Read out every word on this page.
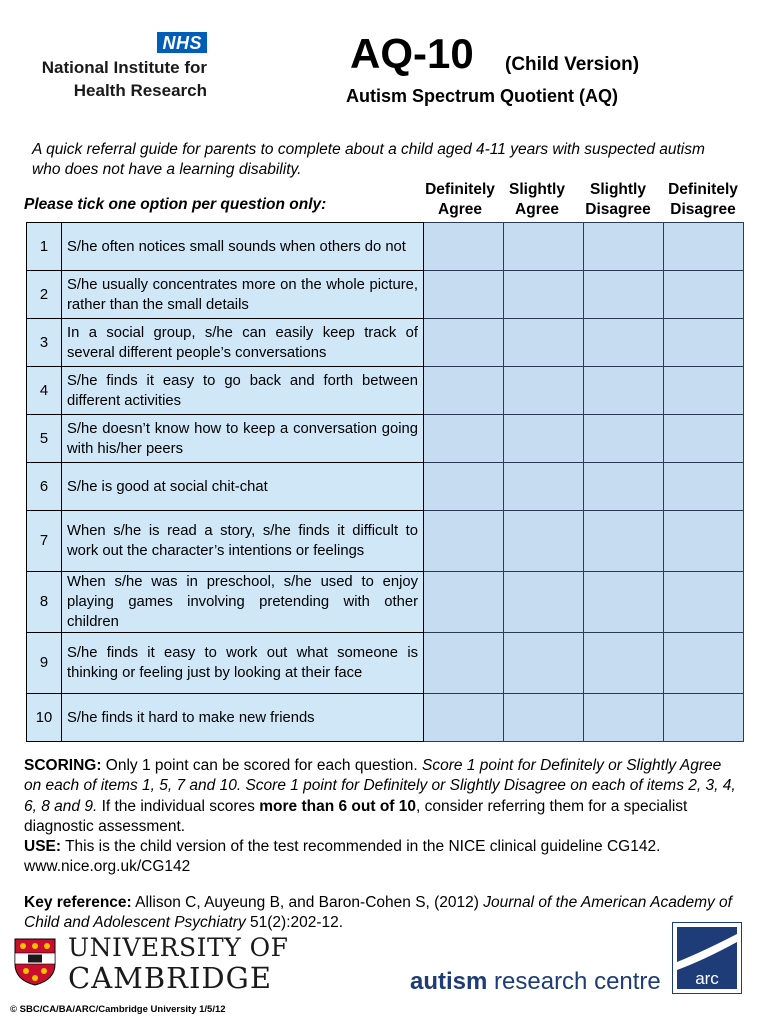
NHS
National Institute for
Health Research
AQ-10 (Child Version)
Autism Spectrum Quotient (AQ)
A quick referral guide for parents to complete about a child aged 4-11 years with suspected autism who does not have a learning disability.
Please tick one option per question only:
Definitely
Agree
Slightly
Agree
Slightly
Disagree
Definitely
Disagree
1	S/he often notices small sounds when others do not				
2	S/he usually concentrates more on the whole picture, rather than the small details				
3	In a social group, s/he can easily keep track of several different people’s conversations				
4	S/he finds it easy to go back and forth between different activities				
5	S/he doesn’t know how to keep a conversation going with his/her peers				
6	S/he is good at social chit-chat				
7	When s/he is read a story, s/he finds it difficult to work out the character’s intentions or feelings				
8	When s/he was in preschool, s/he used to enjoy playing games involving pretending with other children				
9	S/he finds it easy to work out what someone is thinking or feeling just by looking at their face				
10	S/he finds it hard to make new friends				
SCORING: Only 1 point can be scored for each question. Score 1 point for Definitely or Slightly Agree on each of items 1, 5, 7 and 10. Score 1 point for Definitely or Slightly Disagree on each of items 2, 3, 4, 6, 8 and 9. If the individual scores more than 6 out of 10, consider referring them for a specialist diagnostic assessment.
USE: This is the child version of the test recommended in the NICE clinical guideline CG142. www.nice.org.uk/CG142
Key reference: Allison C, Auyeung B, and Baron-Cohen S, (2012) Journal of the American Academy of Child and Adolescent Psychiatry 51(2):202-12.
UNIVERSITY OF
CAMBRIDGE	autism research centre arc
© SBC/CA/BA/ARC/Cambridge University 1/5/12
